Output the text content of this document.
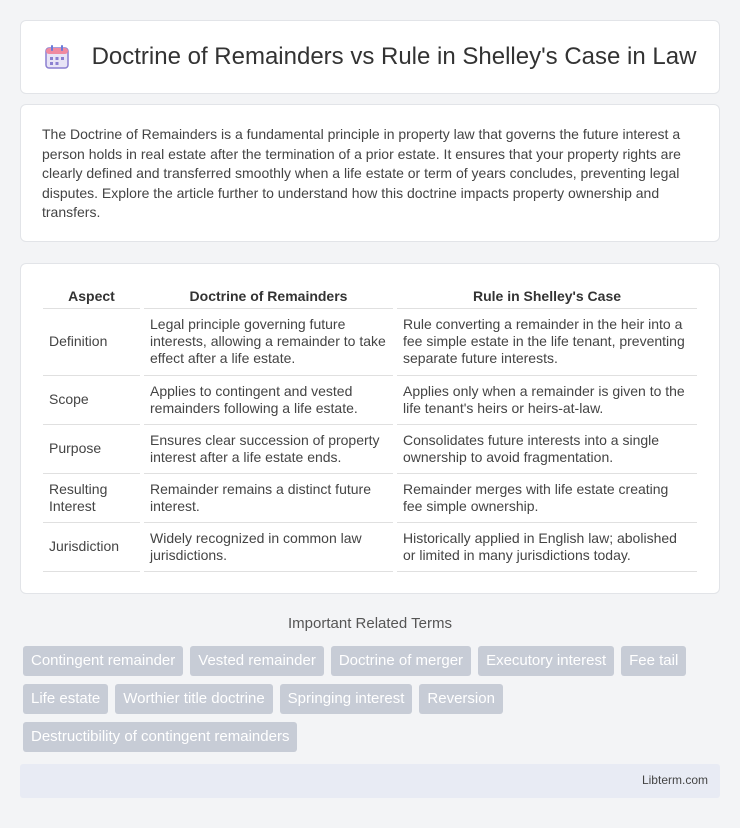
Doctrine of Remainders vs Rule in Shelley's Case in Law

The Doctrine of Remainders is a fundamental principle in property law that governs the future interest a person holds in real estate after the termination of a prior estate. It ensures that your property rights are clearly defined and transferred smoothly when a life estate or term of years concludes, preventing legal disputes. Explore the article further to understand how this doctrine impacts property ownership and transfers.

Aspect	Doctrine of Remainders	Rule in Shelley's Case
Definition	Legal principle governing future interests, allowing a remainder to take effect after a life estate.	Rule converting a remainder in the heir into a fee simple estate in the life tenant, preventing separate future interests.
Scope	Applies to contingent and vested remainders following a life estate.	Applies only when a remainder is given to the life tenant's heirs or heirs-at-law.
Purpose	Ensures clear succession of property interest after a life estate ends.	Consolidates future interests into a single ownership to avoid fragmentation.
Resulting Interest	Remainder remains a distinct future interest.	Remainder merges with life estate creating fee simple ownership.
Jurisdiction	Widely recognized in common law jurisdictions.	Historically applied in English law; abolished or limited in many jurisdictions today.
Important Related Terms
Contingent remainder	Vested remainder	Doctrine of merger	Executory interest	Fee tail
Life estate	Worthier title doctrine	Springing interest	Reversion
Destructibility of contingent remainders
Libterm.com
